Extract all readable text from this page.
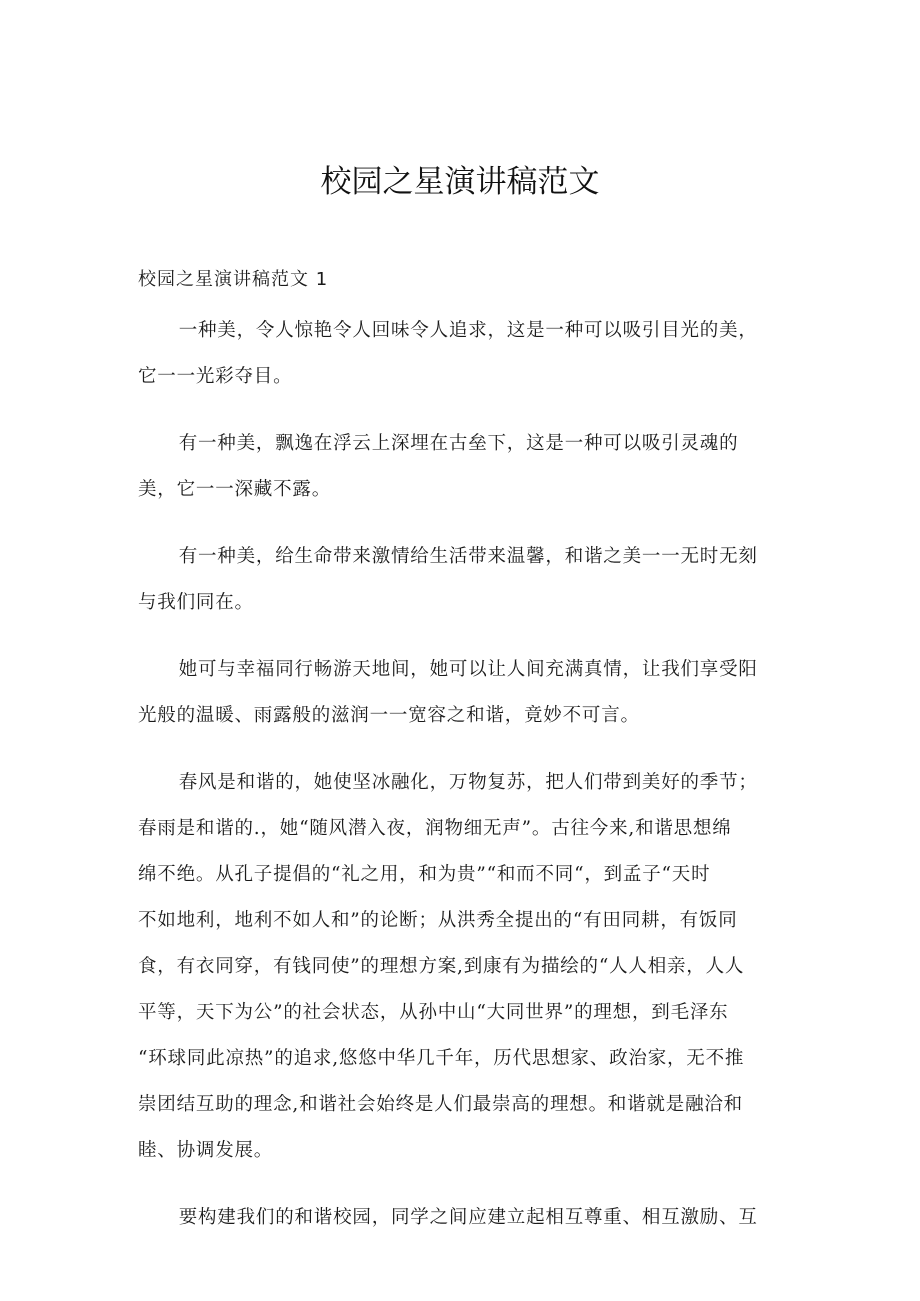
校园之星演讲稿范文
校园之星演讲稿范文 1

一种美，令人惊艳令人回味令人追求，这是一种可以吸引目光的美，
它一一光彩夺目。

有一种美，飘逸在浮云上深埋在古垒下，这是一种可以吸引灵魂的
美，它一一深藏不露。

有一种美，给生命带来激情给生活带来温馨，和谐之美一一无时无刻
与我们同在。

她可与幸福同行畅游天地间，她可以让人间充满真情，让我们享受阳
光般的温暖、雨露般的滋润一一宽容之和谐，竟妙不可言。

春风是和谐的，她使坚冰融化，万物复苏，把人们带到美好的季节；
春雨是和谐的.，她“随风潜入夜，润物细无声”。古往今来,和谐思想绵
绵不绝。从孔子提倡的“礼之用，和为贵”“和而不同“，到孟子“天时
不如地利，地利不如人和”的论断；从洪秀全提出的“有田同耕，有饭同
食，有衣同穿，有钱同使”的理想方案,到康有为描绘的“人人相亲，人人
平等，天下为公”的社会状态，从孙中山“大同世界”的理想，到毛泽东
“环球同此凉热”的追求,悠悠中华几千年，历代思想家、政治家，无不推
崇团结互助的理念,和谐社会始终是人们最崇高的理想。和谐就是融洽和
睦、协调发展。

要构建我们的和谐校园，同学之间应建立起相互尊重、相互激励、互
